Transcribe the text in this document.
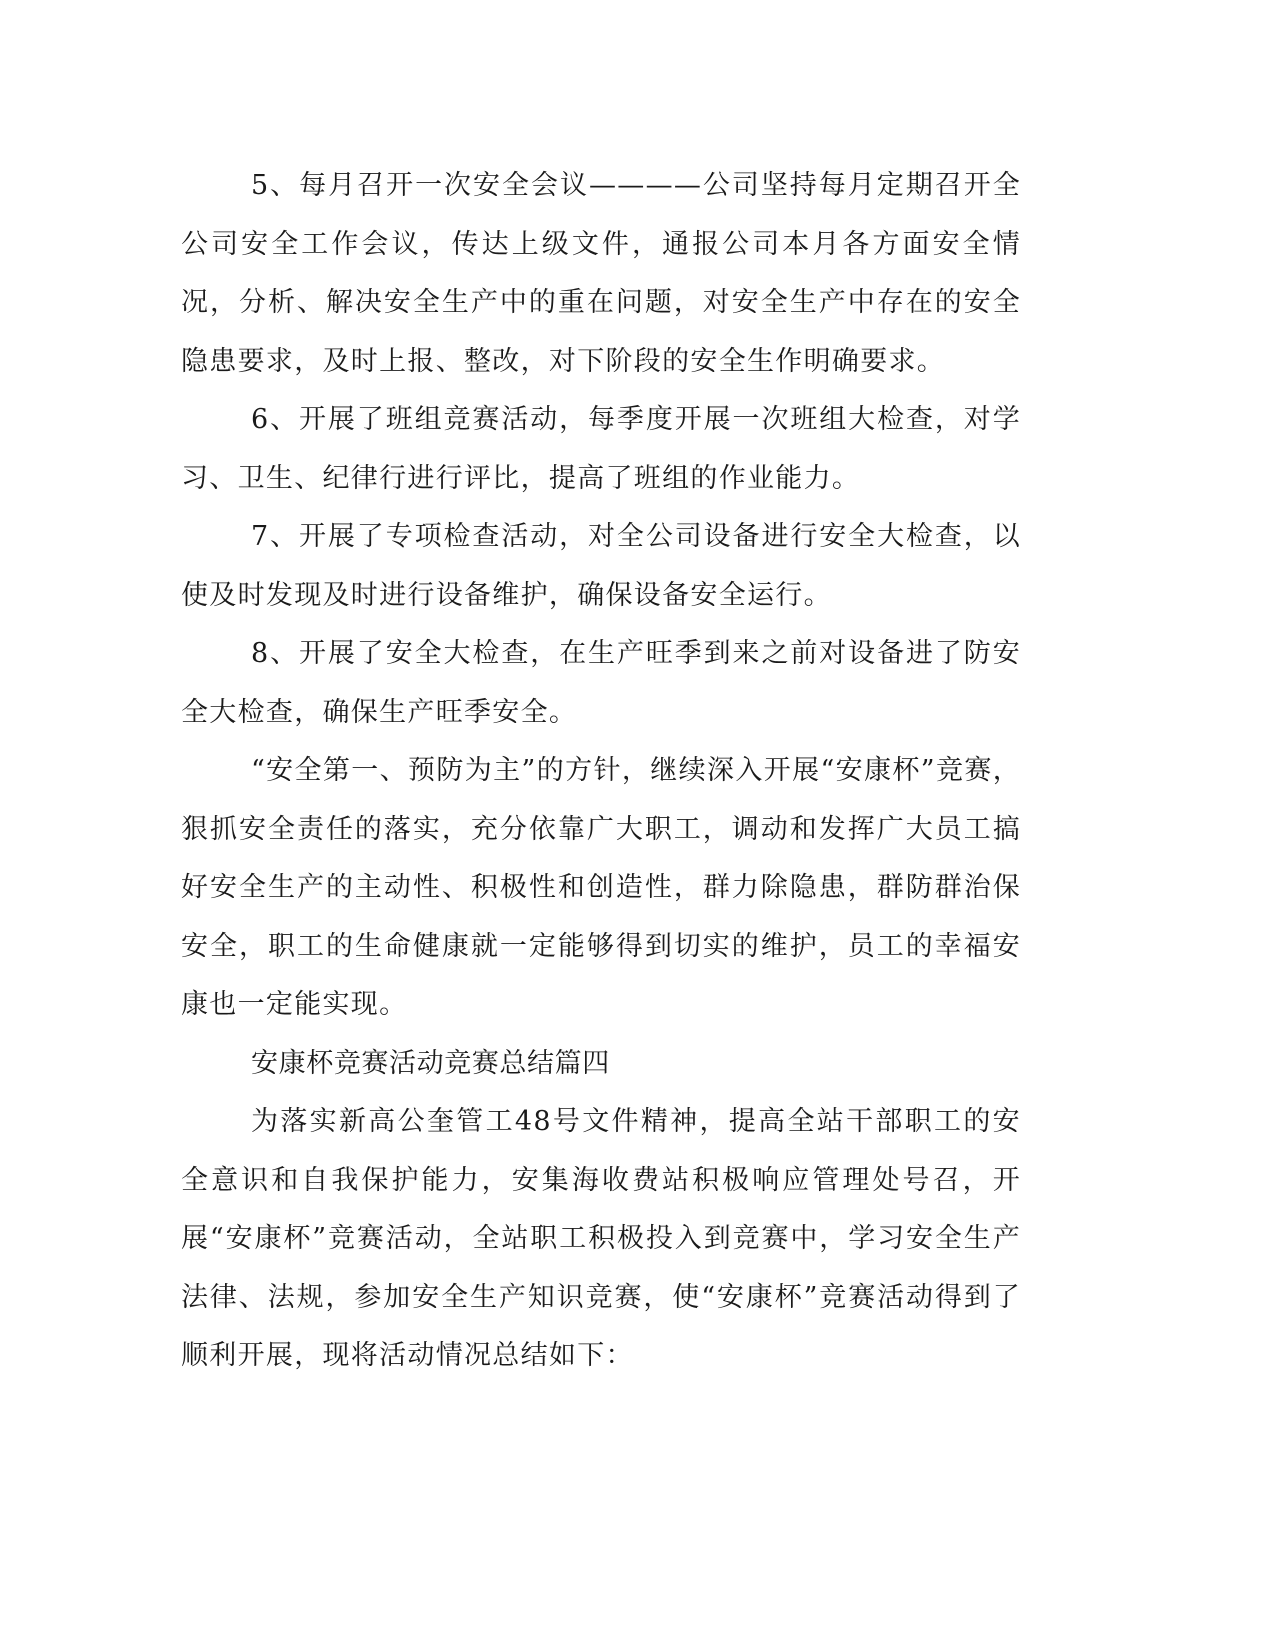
5、每月召开一次安全会议————公司坚持每月定期召开全公司安全工作会议，传达上级文件，通报公司本月各方面安全情况，分析、解决安全生产中的重在问题，对安全生产中存在的安全隐患要求，及时上报、整改，对下阶段的安全生作明确要求。

6、开展了班组竞赛活动，每季度开展一次班组大检查，对学习、卫生、纪律行进行评比，提高了班组的作业能力。

7、开展了专项检查活动，对全公司设备进行安全大检查，以使及时发现及时进行设备维护，确保设备安全运行。

8、开展了安全大检查，在生产旺季到来之前对设备进了防安全大检查，确保生产旺季安全。

“安全第一、预防为主”的方针，继续深入开展“安康杯”竞赛，狠抓安全责任的落实，充分依靠广大职工，调动和发挥广大员工搞好安全生产的主动性、积极性和创造性，群力除隐患，群防群治保安全，职工的生命健康就一定能够得到切实的维护，员工的幸福安康也一定能实现。

安康杯竞赛活动竞赛总结篇四

为落实新高公奎管工48号文件精神，提高全站干部职工的安全意识和自我保护能力，安集海收费站积极响应管理处号召，开展“安康杯”竞赛活动，全站职工积极投入到竞赛中，学习安全生产法律、法规，参加安全生产知识竞赛，使“安康杯”竞赛活动得到了顺利开展，现将活动情况总结如下：
